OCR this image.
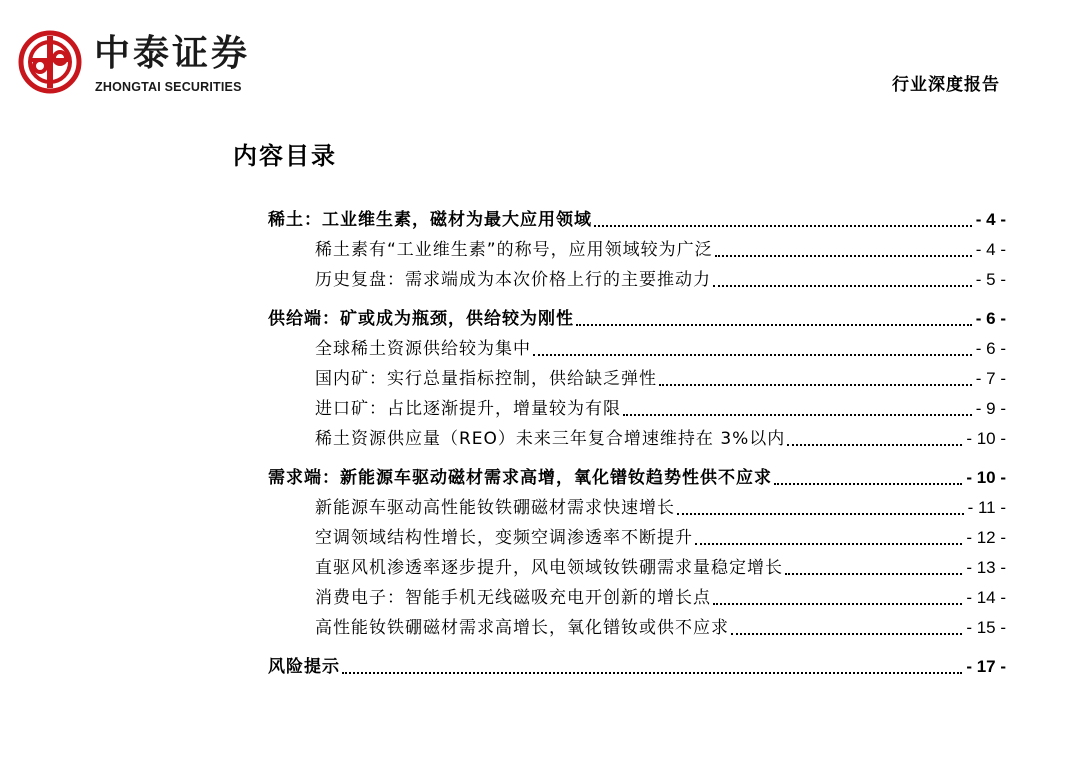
中泰证券
ZHONGTAI SECURITIES	行业深度报告
内容目录
稀土：工业维生素，磁材为最大应用领域	- 4 -
稀土素有“工业维生素”的称号，应用领域较为广泛	- 4 -
历史复盘：需求端成为本次价格上行的主要推动力	- 5 -
供给端：矿或成为瓶颈，供给较为刚性	- 6 -
全球稀土资源供给较为集中	- 6 -
国内矿：实行总量指标控制，供给缺乏弹性	- 7 -
进口矿：占比逐渐提升，增量较为有限	- 9 -
稀土资源供应量（REO）未来三年复合增速维持在 3%以内	- 10 -
需求端：新能源车驱动磁材需求高增，氧化镨钕趋势性供不应求	- 10 -
新能源车驱动高性能钕铁硼磁材需求快速增长	- 11 -
空调领域结构性增长，变频空调渗透率不断提升	- 12 -
直驱风机渗透率逐步提升，风电领域钕铁硼需求量稳定增长	- 13 -
消费电子：智能手机无线磁吸充电开创新的增长点	- 14 -
高性能钕铁硼磁材需求高增长，氧化镨钕或供不应求	- 15 -
风险提示	- 17 -
